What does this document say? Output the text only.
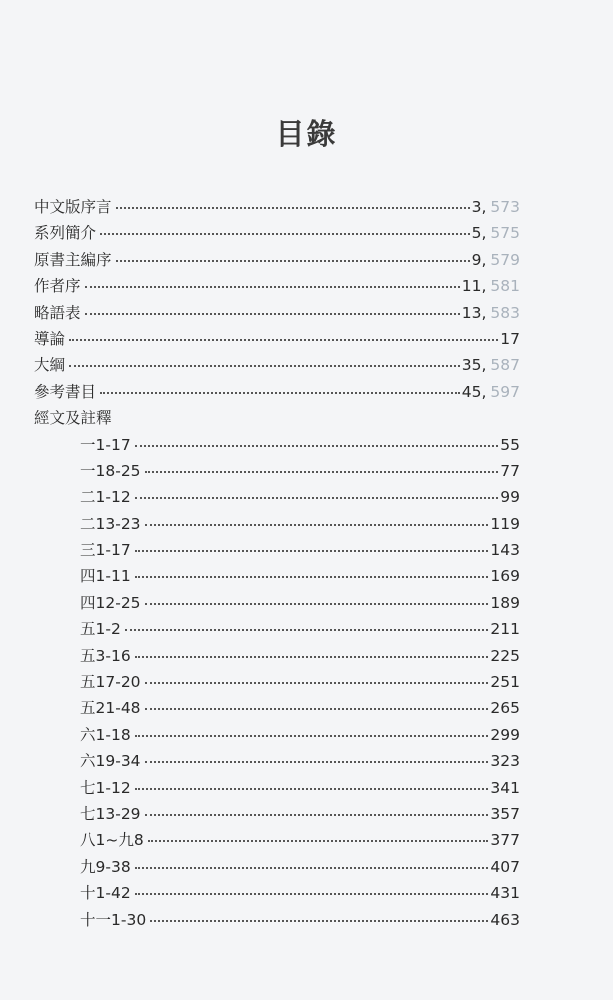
目錄
中文版序言	3, 573
系列簡介	5, 575
原書主編序	9, 579
作者序	11, 581
略語表	13, 583
導論	17
大綱	35, 587
參考書目	45, 597
經文及註釋
一1-17	55
一18-25	77
二1-12	99
二13-23	119
三1-17	143
四1-11	169
四12-25	189
五1-2	211
五3-16	225
五17-20	251
五21-48	265
六1-18	299
六19-34	323
七1-12	341
七13-29	357
八1~九8	377
九9-38	407
十1-42	431
十一1-30	463
